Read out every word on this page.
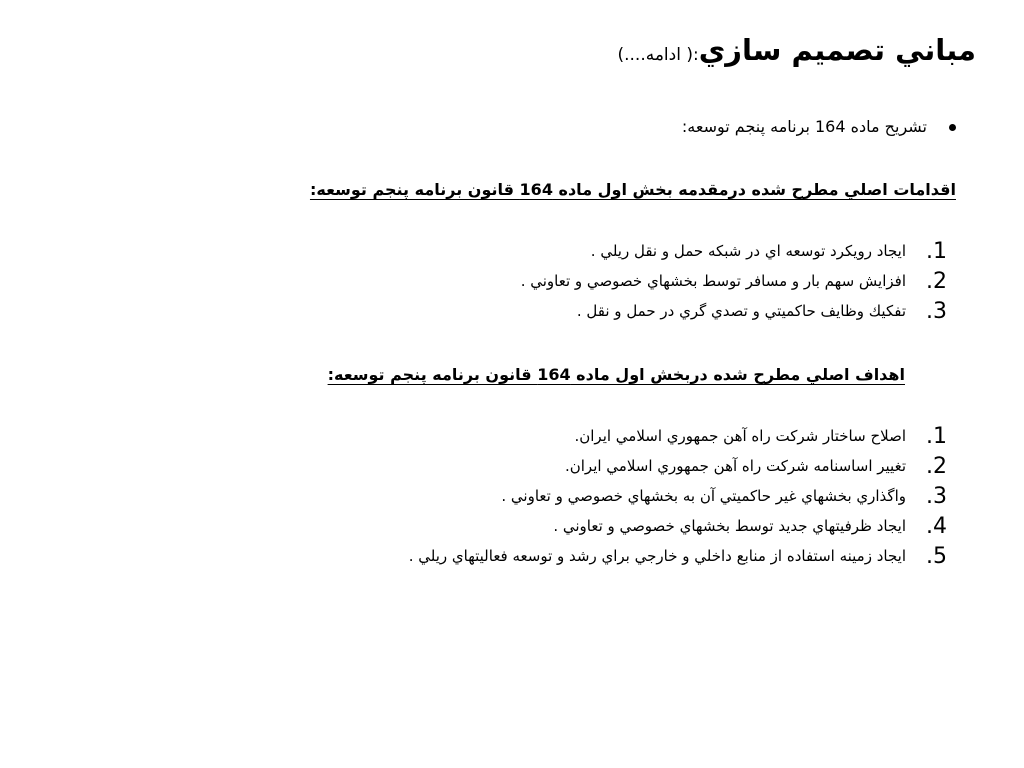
مباني تصميم سازي:( ادامه....)
تشريح ماده 164 برنامه پنجم توسعه:
اقدامات اصلي مطرح شده درمقدمه بخش اول ماده 164 قانون برنامه پنجم توسعه:
1.
ايجاد رويكرد توسعه اي در شبكه حمل و نقل ريلي .
2.
افزايش سهم بار و مسافر توسط بخشهاي خصوصي و تعاوني .
3.
تفكيك وظايف حاكميتي و تصدي گري در حمل و نقل .
اهداف اصلي مطرح شده دربخش اول ماده 164 قانون برنامه پنجم توسعه:
1.
اصلاح ساختار شركت راه آهن جمهوري اسلامي ايران.
2.
تغيير اساسنامه شركت راه آهن جمهوري اسلامي ايران.
3.
واگذاري بخشهاي غير حاكميتي آن به بخشهاي خصوصي و تعاوني .
4.
ايجاد ظرفيتهاي جديد توسط بخشهاي خصوصي و تعاوني .
5.
ايجاد زمينه استفاده از منابع داخلي و خارجي براي رشد و توسعه فعاليتهاي ريلي .
